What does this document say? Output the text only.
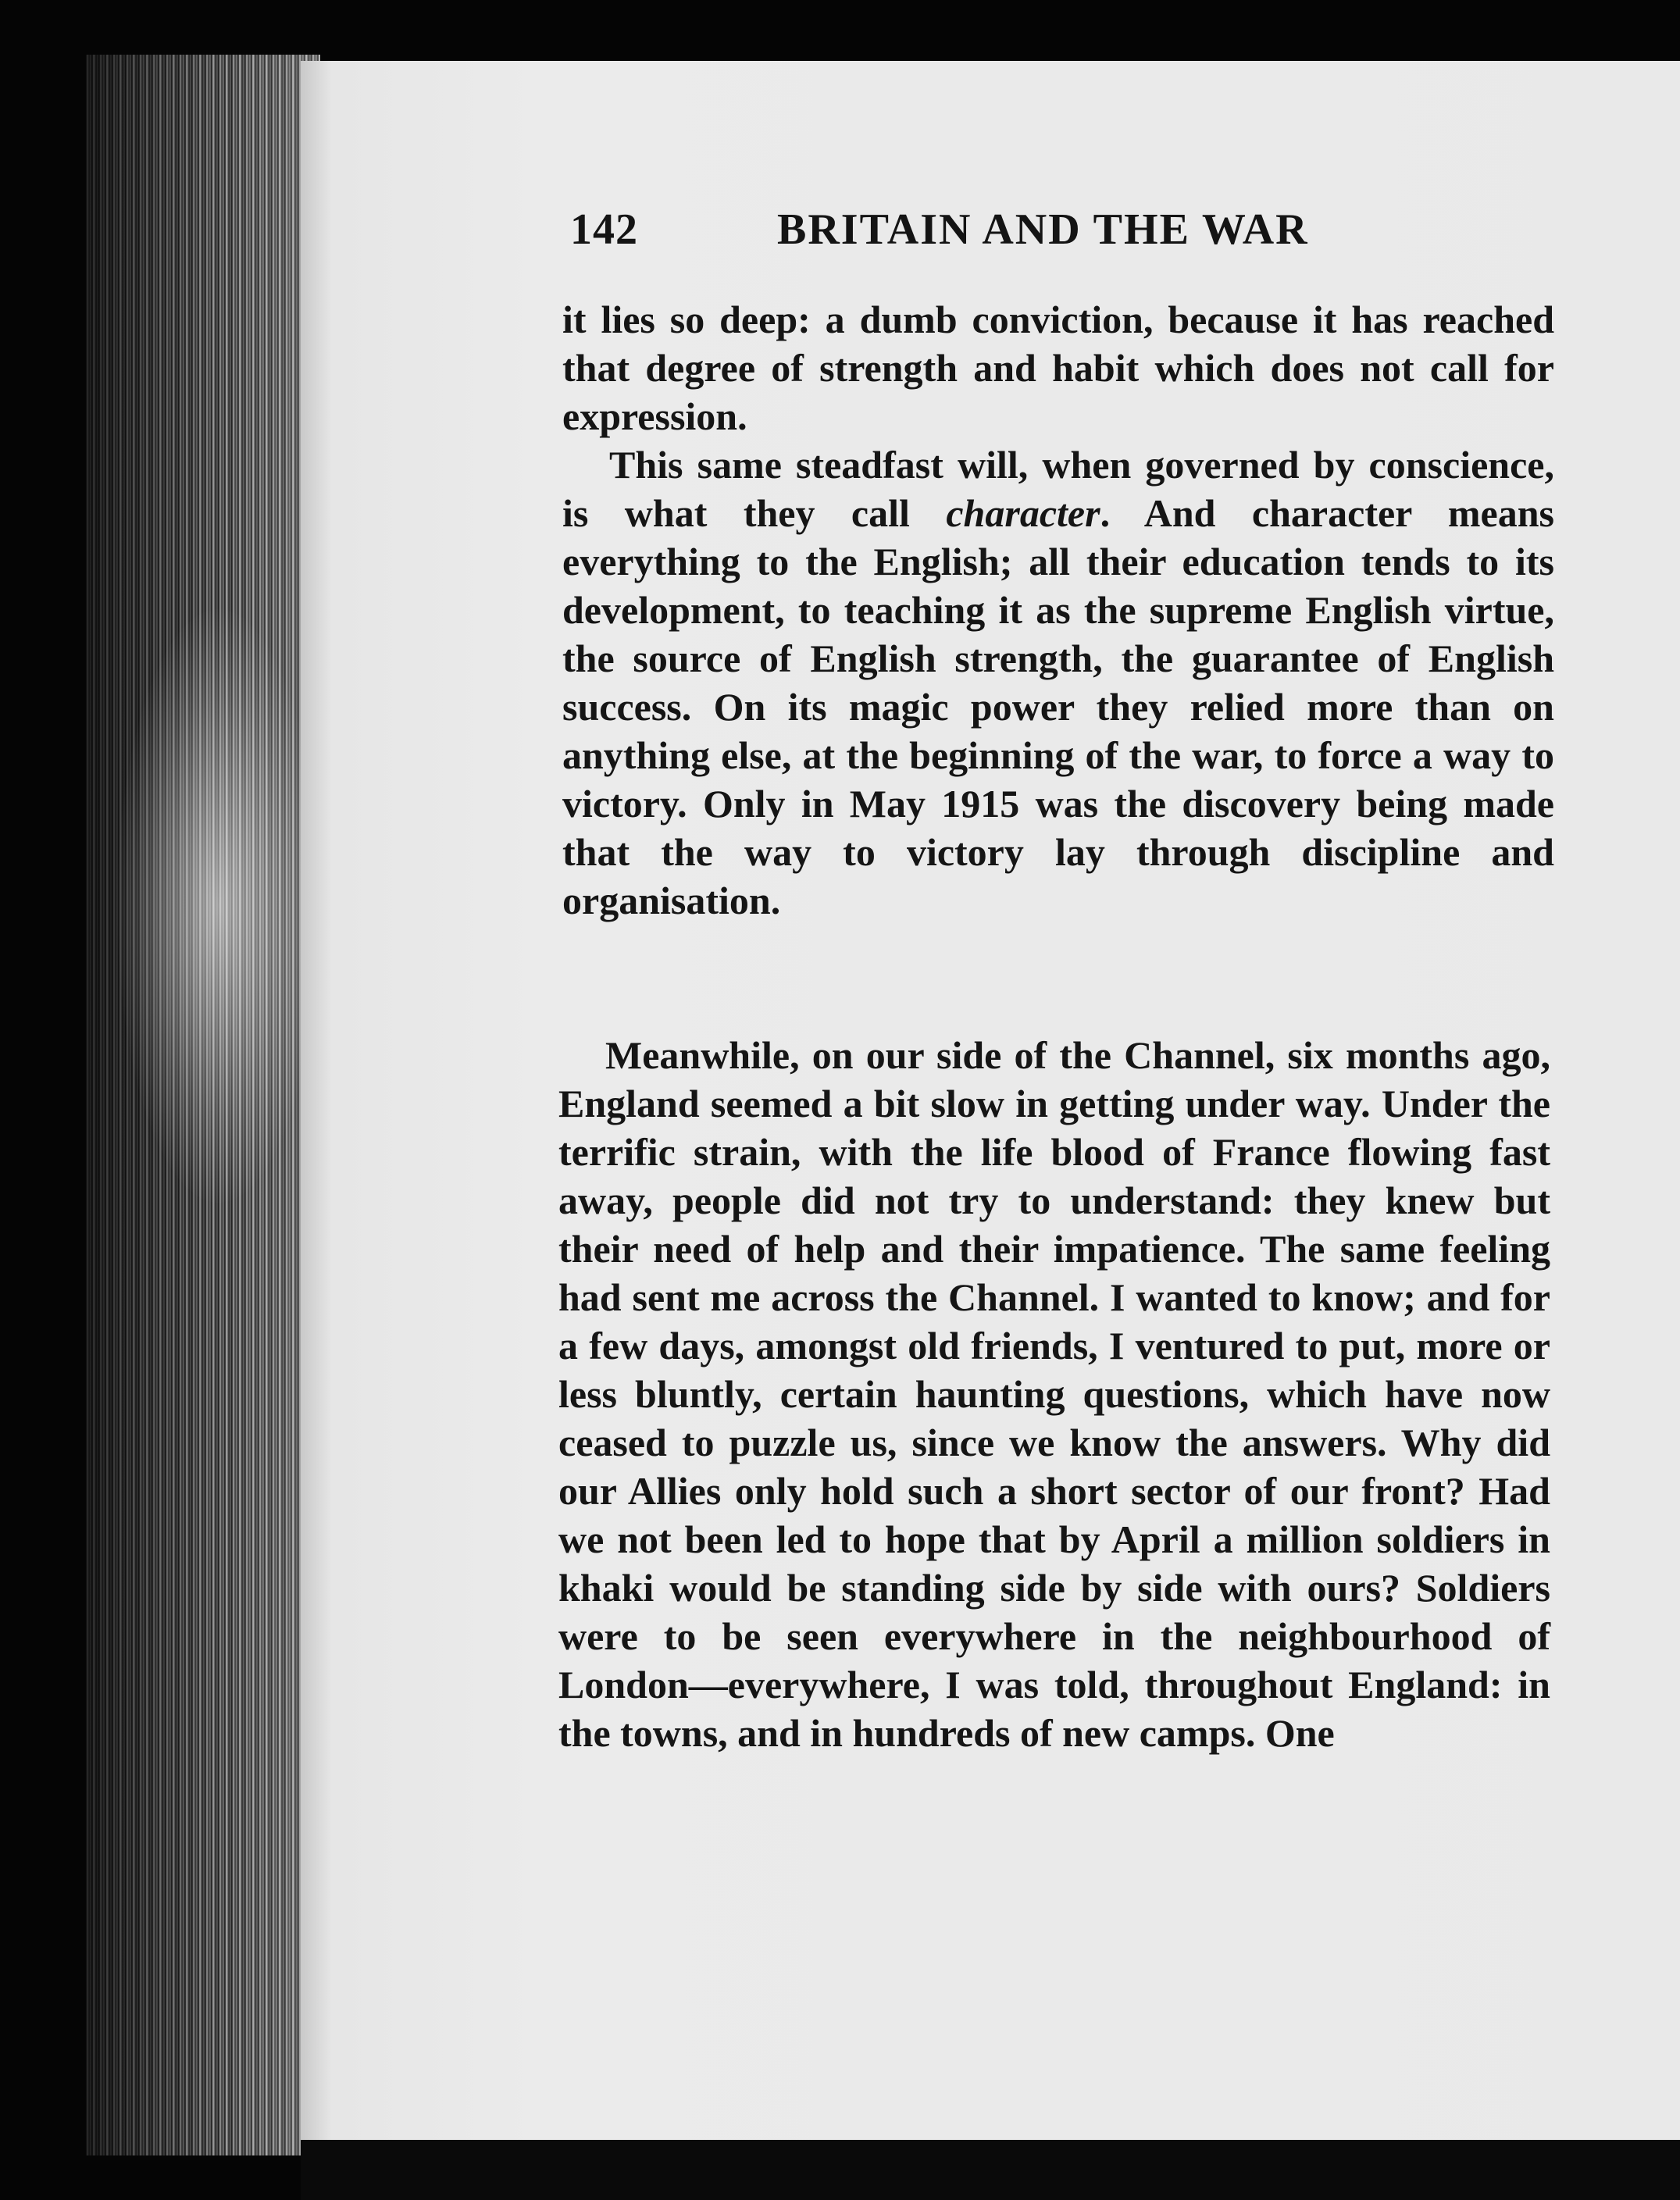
142	BRITAIN AND THE WAR

it lies so deep: a dumb conviction, because it has reached that degree of strength and habit which does not call for expression.

This same steadfast will, when governed by conscience, is what they call character. And character means everything to the English; all their education tends to its development, to teaching it as the supreme English virtue, the source of English strength, the guarantee of English success. On its magic power they relied more than on anything else, at the beginning of the war, to force a way to victory. Only in May 1915 was the discovery being made that the way to victory lay through discipline and organisation.

Meanwhile, on our side of the Channel, six months ago, England seemed a bit slow in getting under way. Under the terrific strain, with the life blood of France flowing fast away, people did not try to understand: they knew but their need of help and their impatience. The same feeling had sent me across the Channel. I wanted to know; and for a few days, amongst old friends, I ventured to put, more or less bluntly, certain haunting questions, which have now ceased to puzzle us, since we know the answers. Why did our Allies only hold such a short sector of our front? Had we not been led to hope that by April a million soldiers in khaki would be standing side by side with ours? Soldiers were to be seen everywhere in the neighbourhood of London—everywhere, I was told, throughout England: in the towns, and in hundreds of new camps. One
